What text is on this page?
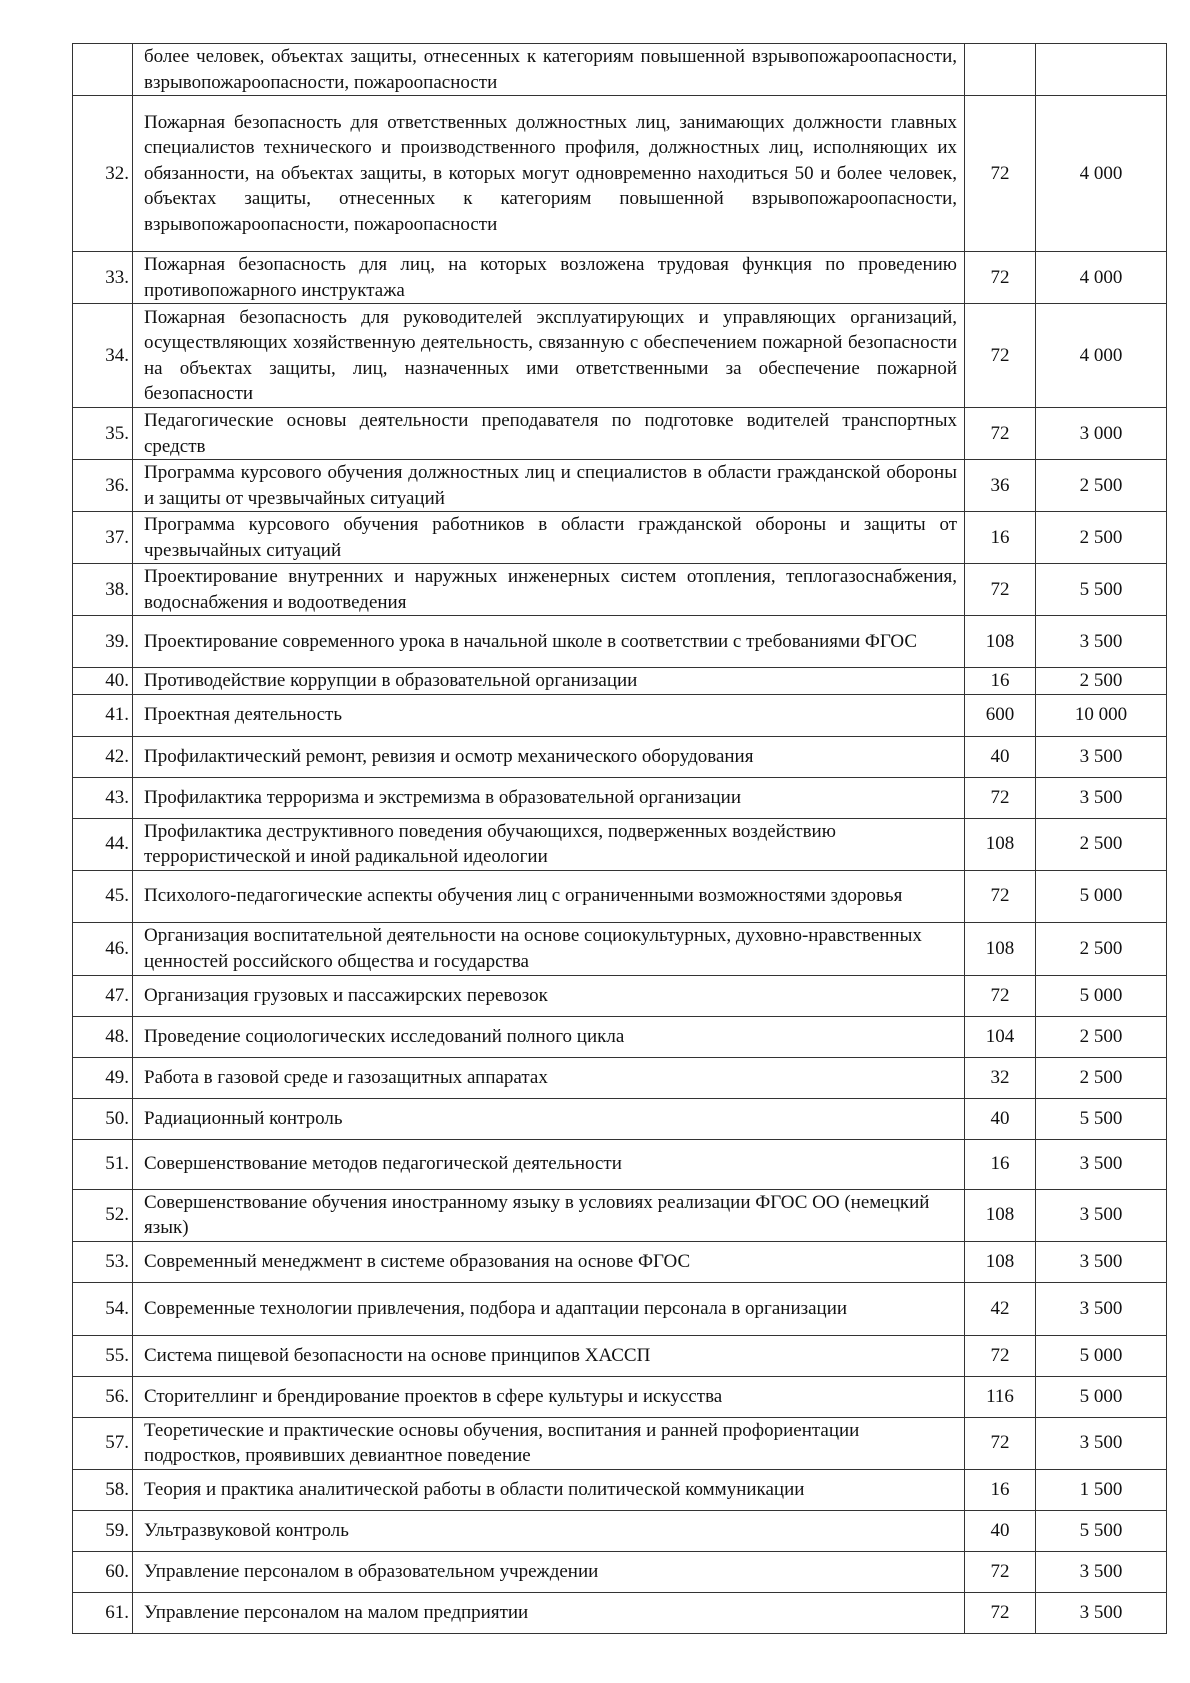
	более человек, объектах защиты, отнесенных к категориям повышенной взрывопожароопасности, взрывопожароопасности, пожароопасности		
32.	Пожарная безопасность для ответственных должностных лиц, занимающих должности главных специалистов технического и производственного профиля, должностных лиц, исполняющих их обязанности, на объектах защиты, в которых могут одновременно находиться 50 и более человек, объектах защиты, отнесенных к категориям повышенной взрывопожароопасности, взрывопожароопасности, пожароопасности	72	4 000
33.	Пожарная безопасность для лиц, на которых возложена трудовая функция по проведению противопожарного инструктажа	72	4 000
34.	Пожарная безопасность для руководителей эксплуатирующих и управляющих организаций, осуществляющих хозяйственную деятельность, связанную с обеспечением пожарной безопасности на объектах защиты, лиц, назначенных ими ответственными за обеспечение пожарной безопасности	72	4 000
35.	Педагогические основы деятельности преподавателя по подготовке водителей транспортных средств	72	3 000
36.	Программа курсового обучения должностных лиц и специалистов в области гражданской обороны и защиты от чрезвычайных ситуаций	36	2 500
37.	Программа курсового обучения работников в области гражданской обороны и защиты от чрезвычайных ситуаций	16	2 500
38.	Проектирование внутренних и наружных инженерных систем отопления, теплогазоснабжения, водоснабжения и водоотведения	72	5 500
39.	Проектирование современного урока в начальной школе в соответствии с требованиями ФГОС	108	3 500
40.	Противодействие коррупции в образовательной организации	16	2 500
41.	Проектная деятельность	600	10 000
42.	Профилактический ремонт, ревизия и осмотр механического оборудования	40	3 500
43.	Профилактика терроризма и экстремизма в образовательной организации	72	3 500
44.	Профилактика деструктивного поведения обучающихся, подверженных воздействию террористической и иной радикальной идеологии	108	2 500
45.	Психолого-педагогические аспекты обучения лиц с ограниченными возможностями здоровья	72	5 000
46.	Организация воспитательной деятельности на основе социокультурных, духовно-нравственных ценностей российского общества и государства	108	2 500
47.	Организация грузовых и пассажирских перевозок	72	5 000
48.	Проведение социологических исследований полного цикла	104	2 500
49.	Работа в газовой среде и газозащитных аппаратах	32	2 500
50.	Радиационный контроль	40	5 500
51.	Совершенствование методов педагогической деятельности	16	3 500
52.	Совершенствование обучения иностранному языку в условиях реализации ФГОС ОО (немецкий язык)	108	3 500
53.	Современный менеджмент в системе образования на основе ФГОС	108	3 500
54.	Современные технологии привлечения, подбора и адаптации персонала в организации	42	3 500
55.	Система пищевой безопасности на основе принципов ХАССП	72	5 000
56.	Сторителлинг и брендирование проектов в сфере культуры и искусства	116	5 000
57.	Теоретические и практические основы обучения, воспитания и ранней профориентации подростков, проявивших девиантное поведение	72	3 500
58.	Теория и практика аналитической работы в области политической коммуникации	16	1 500
59.	Ультразвуковой контроль	40	5 500
60.	Управление персоналом в образовательном учреждении	72	3 500
61.	Управление персоналом на малом предприятии	72	3 500
